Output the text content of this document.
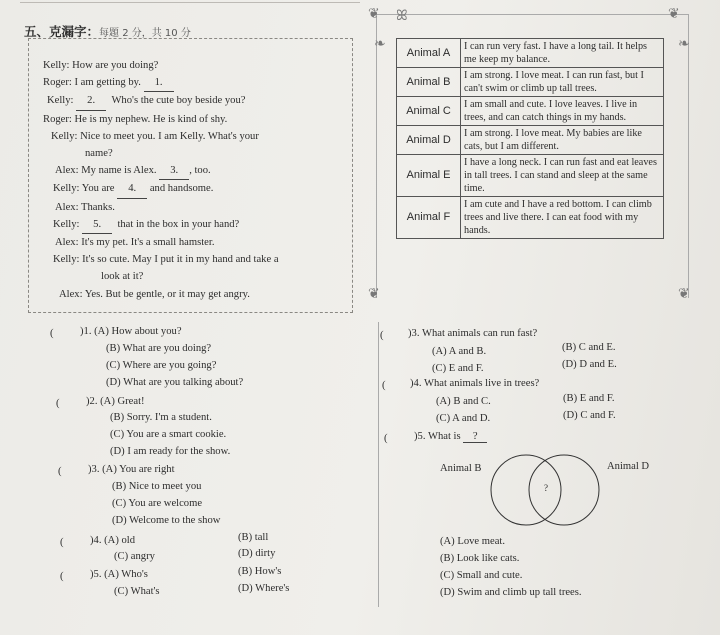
五、克漏字：每題 2 分，共 10 分
Kelly: How are you doing?
Roger: I am getting by. 1.
Kelly: 2. Who's the cute boy beside you?
Roger: He is my nephew. He is kind of shy.
Kelly: Nice to meet you. I am Kelly. What's your
name?
Alex: My name is Alex. 3. , too.
Kelly: You are 4. and handsome.
Alex: Thanks.
Kelly: 5. that in the box in your hand?
Alex: It's my pet. It's a small hamster.
Kelly: It's so cute. May I put it in my hand and take a
look at it?
Alex: Yes. But be gentle, or it may get angry.
❦ ꕤ	❦
❧	❧
❦	❦
Animal A	I can run very fast. I have a long tail. It helps me keep my balance.
Animal B	I am strong. I love meat. I can run fast, but I can't swim or climb up tall trees.
Animal C	I am small and cute. I love leaves. I live in trees, and can catch things in my hands.
Animal D	I am strong. I love meat. My babies are like cats, but I am different.
Animal E	I have a long neck. I can run fast and eat leaves in tall trees. I can stand and sleep at the same time.
Animal F	I am cute and I have a red bottom. I can climb trees and live there. I can eat food with my hands.
( )1. (A) How about you?
(B) What are you doing?
(C) Where are you going?
(D) What are you talking about?
( )2. (A) Great!
(B) Sorry. I'm a student.
(C) You are a smart cookie.
(D) I am ready for the show.
( )3. (A) You are right
(B) Nice to meet you
(C) You are welcome
(D) Welcome to the show
( )4. (A) old	(B) tall
(C) angry	(D) dirty
( )5. (A) Who's	(B) How's
(C) What's	(D) Where's
( )3. What animals can run fast?
(A) A and B.	(B) C and E.
(C) E and F.	(D) D and E.
( )4. What animals live in trees?
(A) B and C.	(B) E and F.
(C) A and D.	(D) C and F.
( )5. What is ?
Animal B	Animal D
?
(A) Love meat.
(B) Look like cats.
(C) Small and cute.
(D) Swim and climb up tall trees.
